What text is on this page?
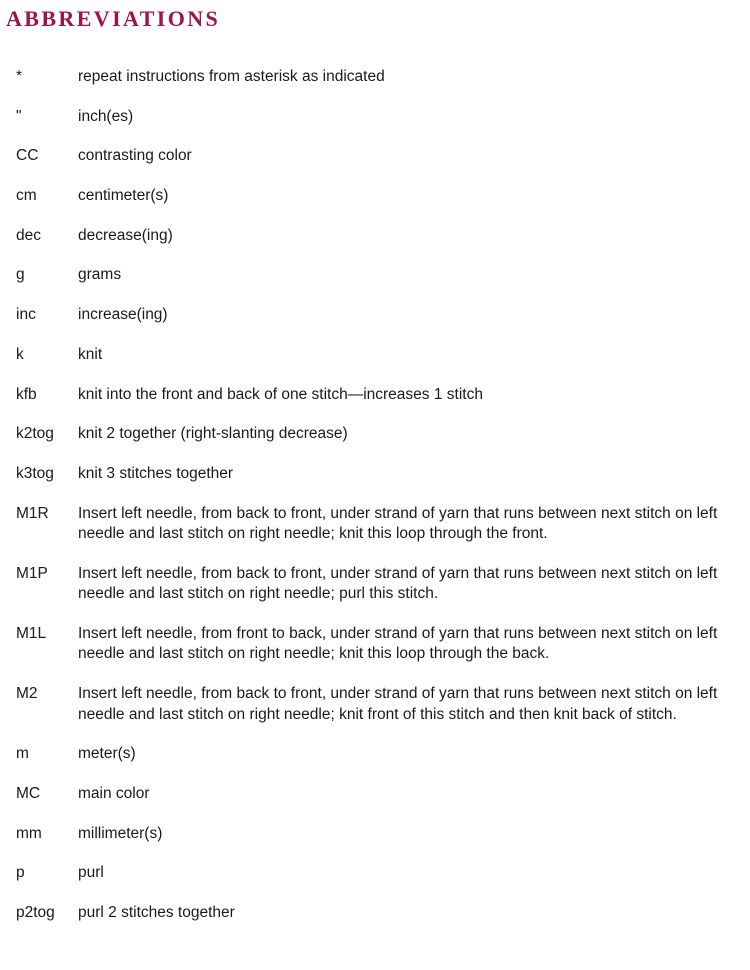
ABBREVIATIONS
*	repeat instructions from asterisk as indicated
"	inch(es)
CC	contrasting color
cm	centimeter(s)
dec	decrease(ing)
g	grams
inc	increase(ing)
k	knit
kfb	knit into the front and back of one stitch—increases 1 stitch
k2tog	knit 2 together (right-slanting decrease)
k3tog	knit 3 stitches together
M1R	Insert left needle, from back to front, under strand of yarn that runs between next stitch on left needle and last stitch on right needle; knit this loop through the front.
M1P	Insert left needle, from back to front, under strand of yarn that runs between next stitch on left needle and last stitch on right needle; purl this stitch.
M1L	Insert left needle, from front to back, under strand of yarn that runs between next stitch on left needle and last stitch on right needle; knit this loop through the back.
M2	Insert left needle, from back to front, under strand of yarn that runs between next stitch on left needle and last stitch on right needle; knit front of this stitch and then knit back of stitch.
m	meter(s)
MC	main color
mm	millimeter(s)
p	purl
p2tog	purl 2 stitches together
